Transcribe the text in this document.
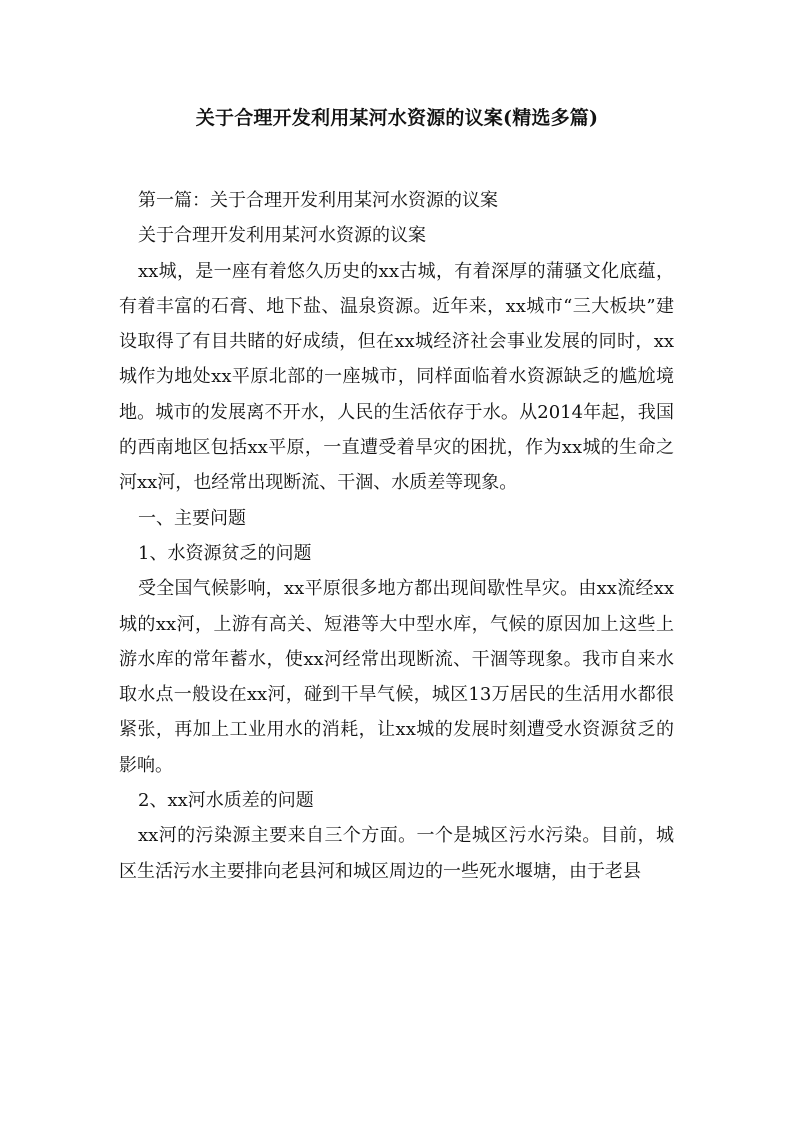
关于合理开发利用某河水资源的议案(精选多篇)

第一篇：关于合理开发利用某河水资源的议案

关于合理开发利用某河水资源的议案

xx城，是一座有着悠久历史的xx古城，有着深厚的蒲骚文化底蕴，有着丰富的石膏、地下盐、温泉资源。近年来，xx城市“三大板块”建设取得了有目共睹的好成绩，但在xx城经济社会事业发展的同时，xx城作为地处xx平原北部的一座城市，同样面临着水资源缺乏的尴尬境地。城市的发展离不开水，人民的生活依存于水。从2014年起，我国的西南地区包括xx平原，一直遭受着旱灾的困扰，作为xx城的生命之河xx河，也经常出现断流、干涸、水质差等现象。

一、主要问题

1、水资源贫乏的问题

受全国气候影响，xx平原很多地方都出现间歇性旱灾。由xx流经xx城的xx河，上游有高关、短港等大中型水库，气候的原因加上这些上游水库的常年蓄水，使xx河经常出现断流、干涸等现象。我市自来水取水点一般设在xx河，碰到干旱气候，城区13万居民的生活用水都很紧张，再加上工业用水的消耗，让xx城的发展时刻遭受水资源贫乏的影响。

2、xx河水质差的问题

xx河的污染源主要来自三个方面。一个是城区污水污染。目前，城区生活污水主要排向老县河和城区周边的一些死水堰塘，由于老县
